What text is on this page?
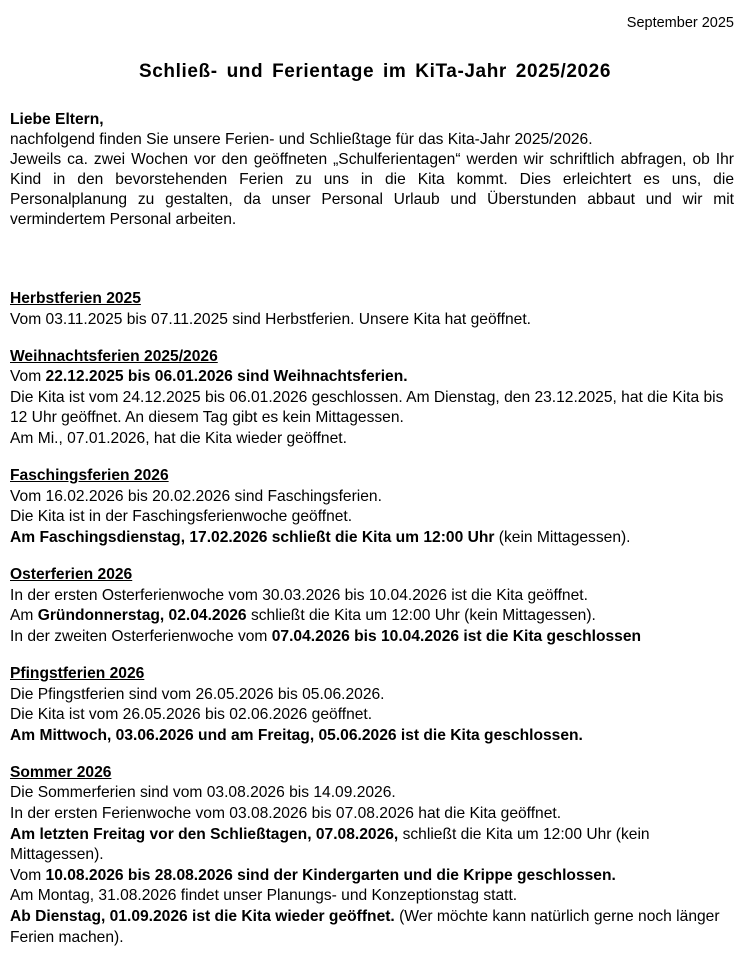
September 2025
Schließ- und Ferientage im KiTa-Jahr 2025/2026
Liebe Eltern,
nachfolgend finden Sie unsere Ferien- und Schließtage für das Kita-Jahr 2025/2026.
Jeweils ca. zwei Wochen vor den geöffneten „Schulferientagen“ werden wir schriftlich abfragen, ob Ihr Kind in den bevorstehenden Ferien zu uns in die Kita kommt. Dies erleichtert es uns, die Personalplanung zu gestalten, da unser Personal Urlaub und Überstunden abbaut und wir mit vermindertem Personal arbeiten.
Herbstferien 2025

Vom 03.11.2025 bis 07.11.2025 sind Herbstferien. Unsere Kita hat geöffnet.

Weihnachtsferien 2025/2026

Vom 22.12.2025 bis 06.01.2026 sind Weihnachtsferien.

Die Kita ist vom 24.12.2025 bis 06.01.2026 geschlossen. Am Dienstag, den 23.12.2025, hat die Kita bis 12 Uhr geöffnet. An diesem Tag gibt es kein Mittagessen.

Am Mi., 07.01.2026, hat die Kita wieder geöffnet.

Faschingsferien 2026

Vom 16.02.2026 bis 20.02.2026 sind Faschingsferien.

Die Kita ist in der Faschingsferienwoche geöffnet.

Am Faschingsdienstag, 17.02.2026 schließt die Kita um 12:00 Uhr (kein Mittagessen).

Osterferien 2026

In der ersten Osterferienwoche vom 30.03.2026 bis 10.04.2026 ist die Kita geöffnet.

Am Gründonnerstag, 02.04.2026 schließt die Kita um 12:00 Uhr (kein Mittagessen).

In der zweiten Osterferienwoche vom 07.04.2026 bis 10.04.2026 ist die Kita geschlossen

Pfingstferien 2026

Die Pfingstferien sind vom 26.05.2026 bis 05.06.2026.

Die Kita ist vom 26.05.2026 bis 02.06.2026 geöffnet.

Am Mittwoch, 03.06.2026 und am Freitag, 05.06.2026 ist die Kita geschlossen.

Sommer 2026

Die Sommerferien sind vom 03.08.2026 bis 14.09.2026.

In der ersten Ferienwoche vom 03.08.2026 bis 07.08.2026 hat die Kita geöffnet.

Am letzten Freitag vor den Schließtagen, 07.08.2026, schließt die Kita um 12:00 Uhr (kein Mittagessen).

Vom 10.08.2026 bis 28.08.2026 sind der Kindergarten und die Krippe geschlossen.

Am Montag, 31.08.2026 findet unser Planungs- und Konzeptionstag statt.

Ab Dienstag, 01.09.2026 ist die Kita wieder geöffnet. (Wer möchte kann natürlich gerne noch länger Ferien machen).
